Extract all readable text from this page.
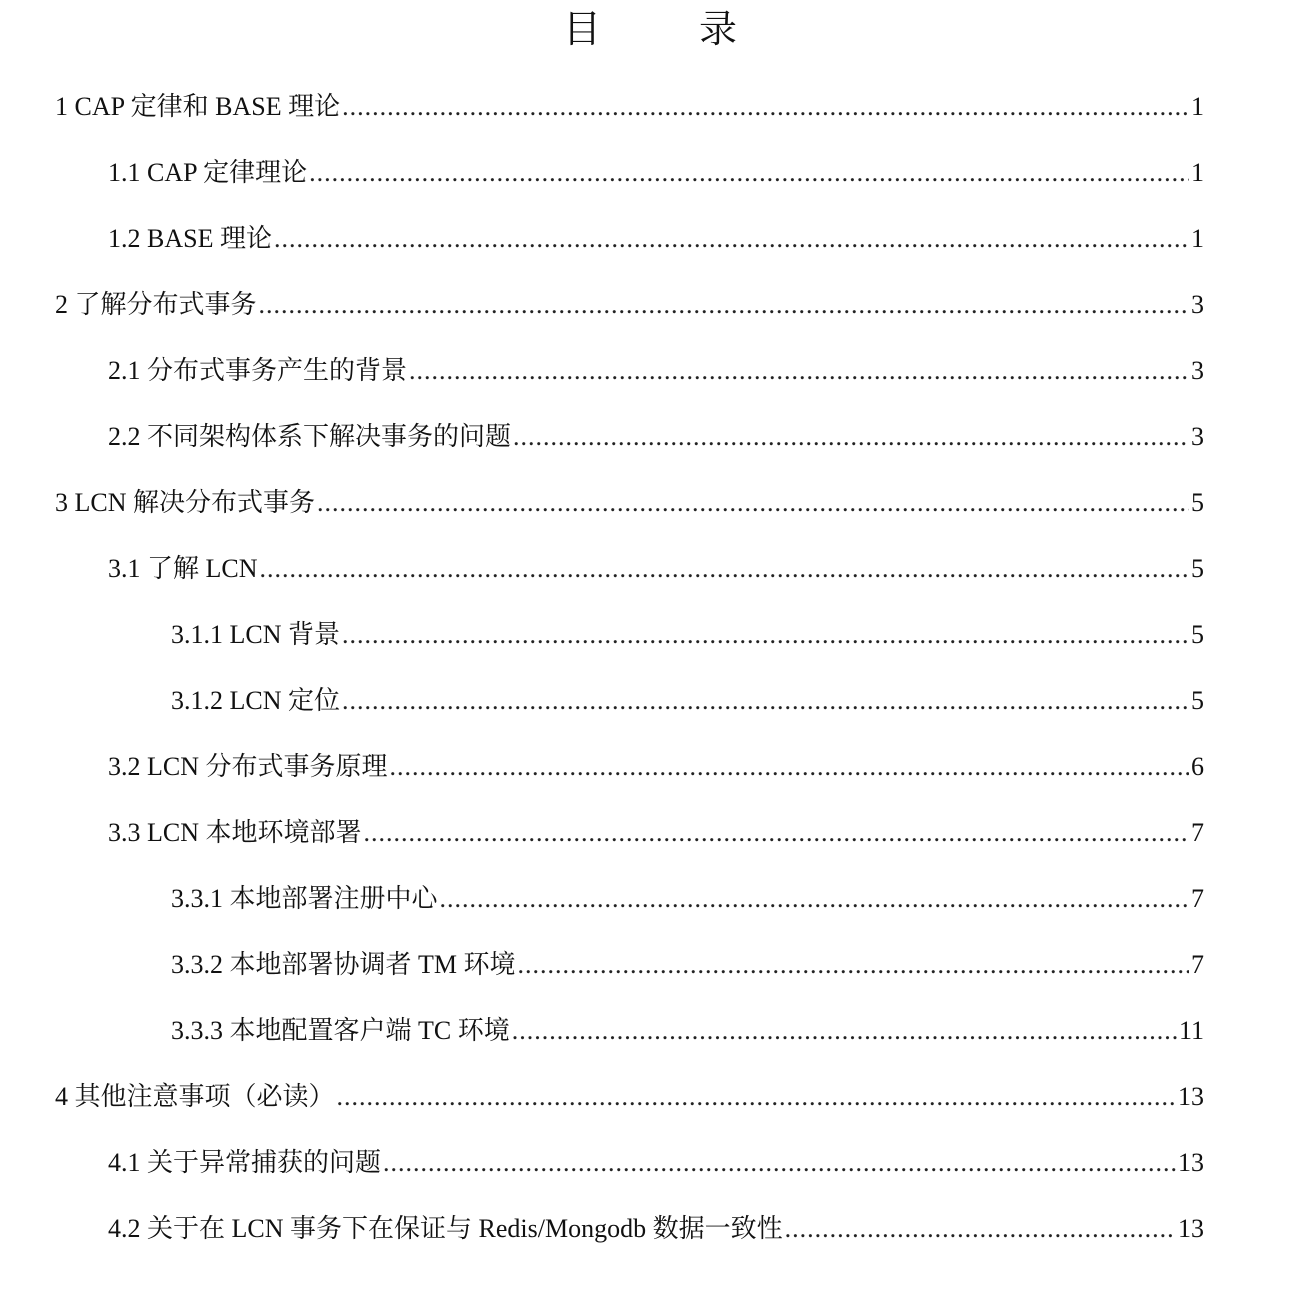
目　录
1 CAP 定律和 BASE 理论 .....	1
1.1 CAP 定律理论 .....	1
1.2 BASE 理论 .....	1
2 了解分布式事务 .....	3
2.1 分布式事务产生的背景 .....	3
2.2 不同架构体系下解决事务的问题 .....	3
3 LCN 解决分布式事务 .....	5
3.1 了解 LCN .....	5
3.1.1 LCN 背景 .....	5
3.1.2 LCN 定位 .....	5
3.2 LCN 分布式事务原理 .....	6
3.3 LCN 本地环境部署 .....	7
3.3.1 本地部署注册中心 .....	7
3.3.2 本地部署协调者 TM 环境 .....	7
3.3.3 本地配置客户端 TC 环境 .....	11
4 其他注意事项（必读） .....	13
4.1 关于异常捕获的问题 .....	13
4.2 关于在 LCN 事务下在保证与 Redis/Mongodb 数据一致性 .....	13
